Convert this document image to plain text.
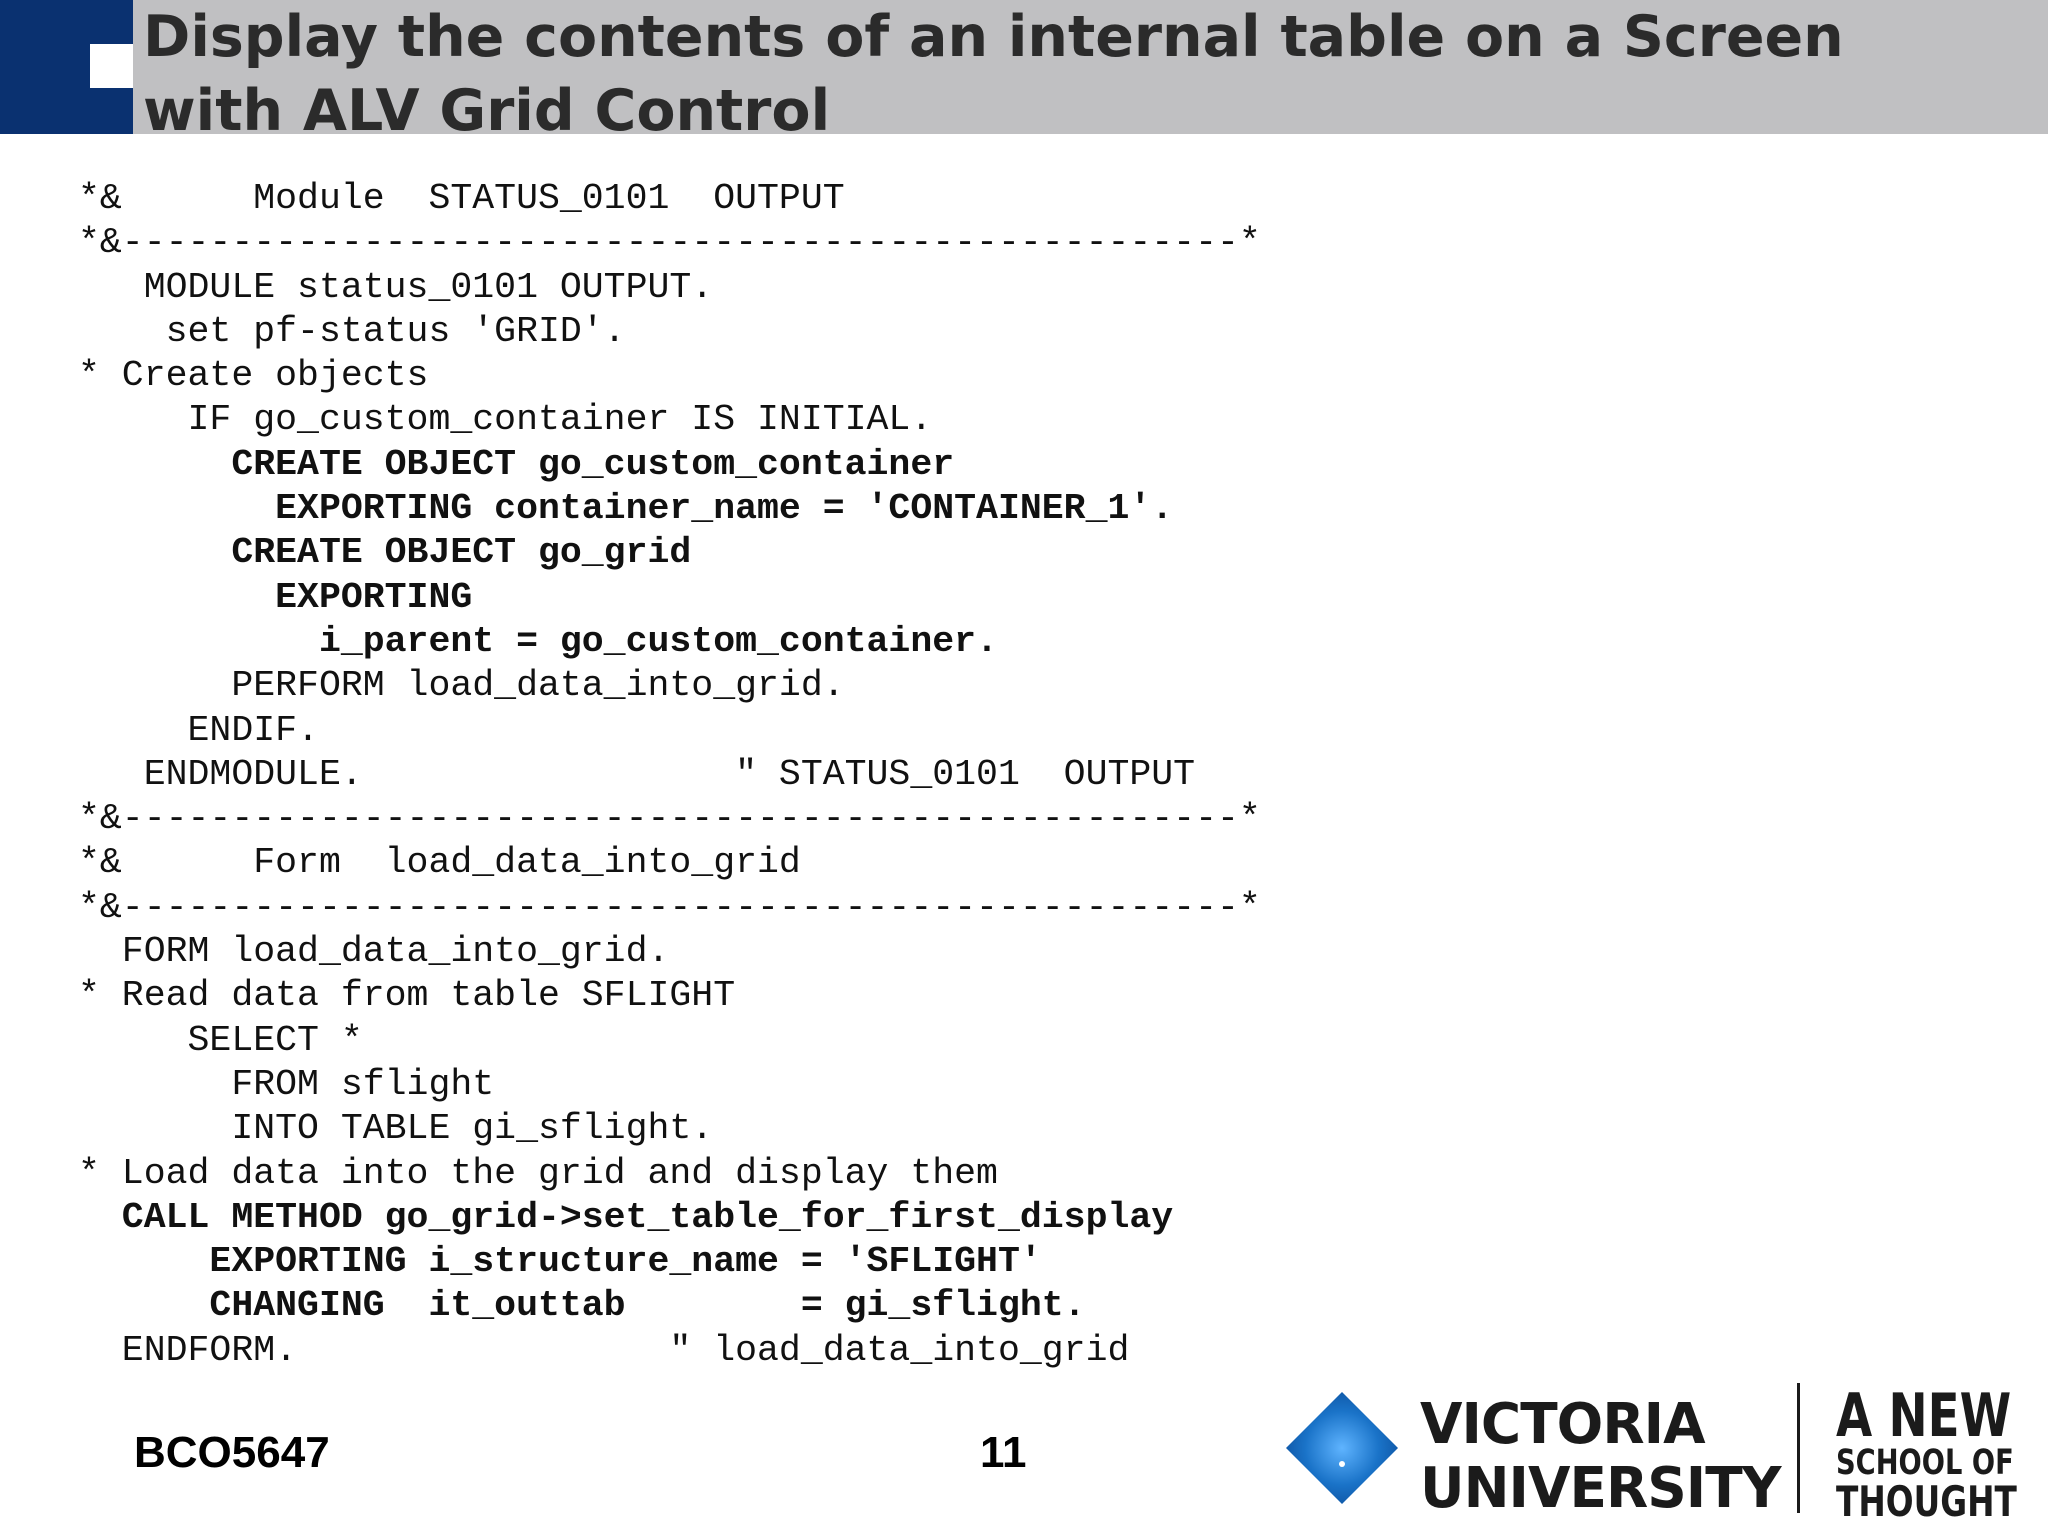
Display the contents of an internal table on a Screen
with ALV Grid Control
*&      Module  STATUS_0101  OUTPUT
*&---------------------------------------------------*
MODULE status_0101 OUTPUT.
set pf-status 'GRID'.
* Create objects
IF go_custom_container IS INITIAL.
CREATE OBJECT go_custom_container
EXPORTING container_name = 'CONTAINER_1'.
CREATE OBJECT go_grid
EXPORTING
i_parent = go_custom_container.
PERFORM load_data_into_grid.
ENDIF.
ENDMODULE.                 " STATUS_0101  OUTPUT
*&---------------------------------------------------*
*&      Form  load_data_into_grid
*&---------------------------------------------------*
FORM load_data_into_grid.
* Read data from table SFLIGHT
SELECT *
FROM sflight
INTO TABLE gi_sflight.
* Load data into the grid and display them
CALL METHOD go_grid->set_table_for_first_display
EXPORTING i_structure_name = 'SFLIGHT'
CHANGING  it_outtab        = gi_sflight.
ENDFORM.                 " load_data_into_grid
BCO5647	11	VICTORIA
UNIVERSITY
A NEW
SCHOOL OF
THOUGHT
